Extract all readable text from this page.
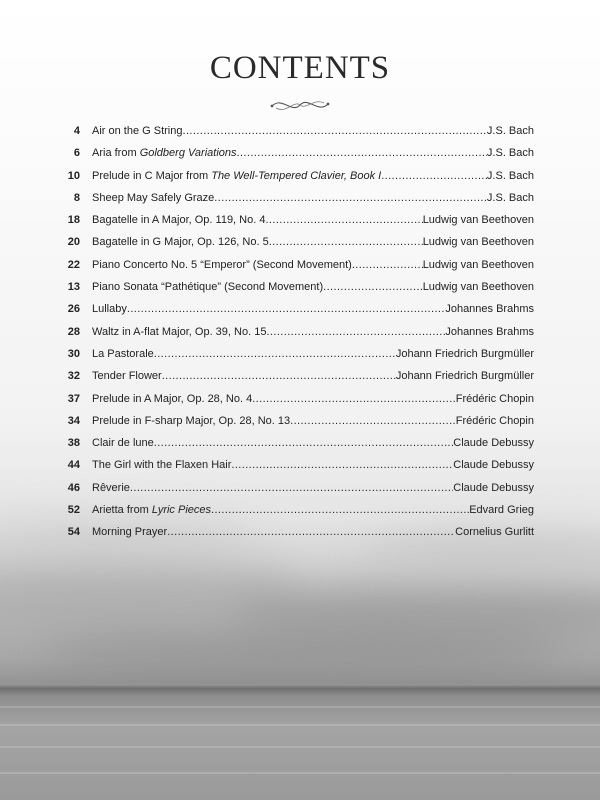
CONTENTS
4	Air on the G String .....	J.S. Bach
6	Aria from Goldberg Variations .....	J.S. Bach
10	Prelude in C Major from The Well-Tempered Clavier, Book I .....	J.S. Bach
8	Sheep May Safely Graze .....	J.S. Bach
18	Bagatelle in A Major, Op. 119, No. 4 .....	Ludwig van Beethoven
20	Bagatelle in G Major, Op. 126, No. 5 .....	Ludwig van Beethoven
22	Piano Concerto No. 5 “Emperor” (Second Movement) .....	Ludwig van Beethoven
13	Piano Sonata “Pathétique” (Second Movement) .....	Ludwig van Beethoven
26	Lullaby .....	Johannes Brahms
28	Waltz in A-flat Major, Op. 39, No. 15 .....	Johannes Brahms
30	La Pastorale .....	Johann Friedrich Burgmüller
32	Tender Flower .....	Johann Friedrich Burgmüller
37	Prelude in A Major, Op. 28, No. 4 .....	Frédéric Chopin
34	Prelude in F-sharp Major, Op. 28, No. 13 .....	Frédéric Chopin
38	Clair de lune .....	Claude Debussy
44	The Girl with the Flaxen Hair .....	Claude Debussy
46	Rêverie .....	Claude Debussy
52	Arietta from Lyric Pieces .....	Edvard Grieg
54	Morning Prayer .....	Cornelius Gurlitt
